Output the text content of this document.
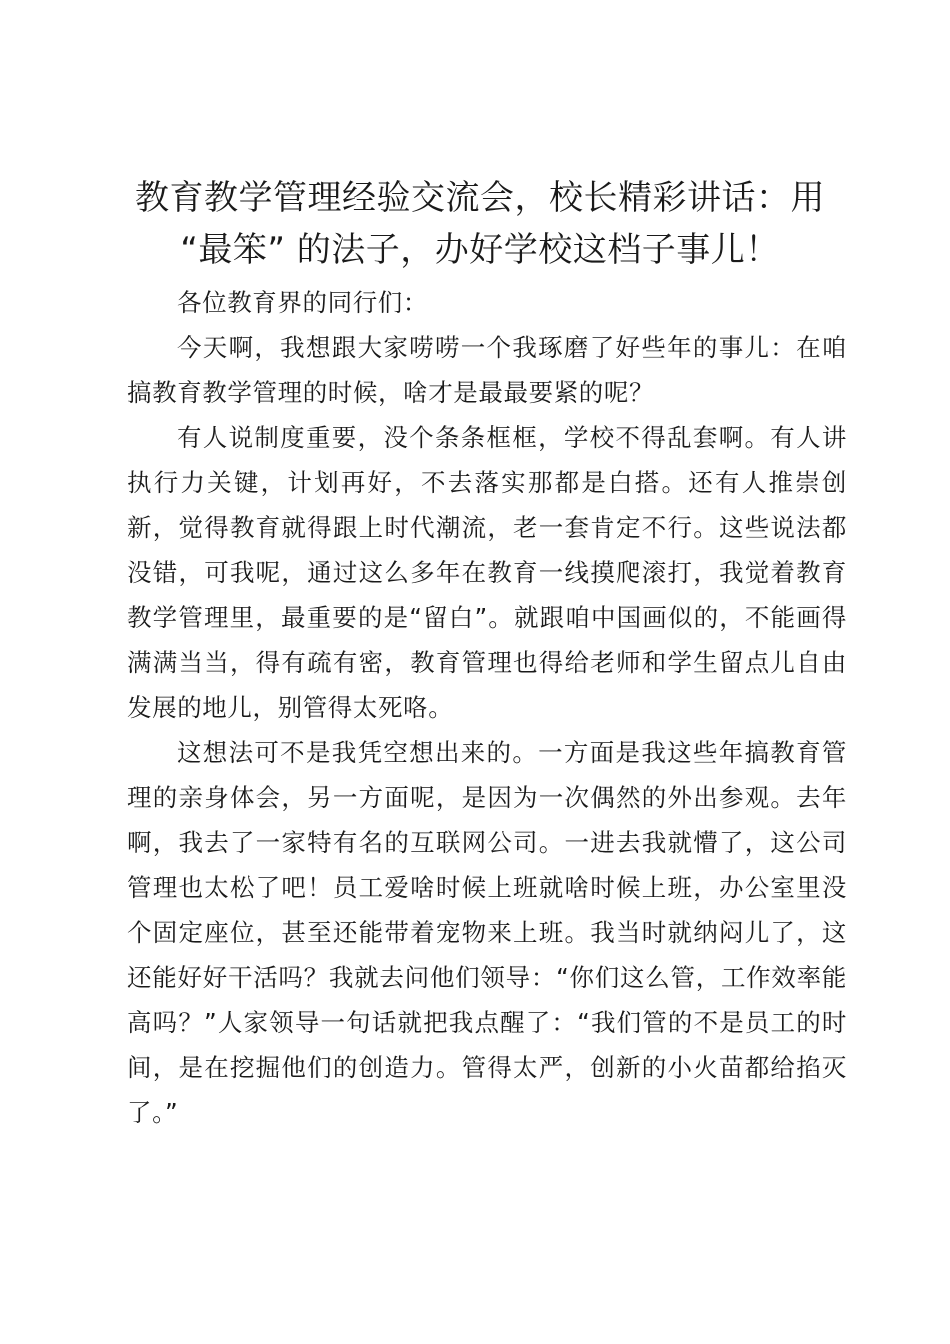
教育教学管理经验交流会，校长精彩讲话：用
“最笨” 的法子，办好学校这档子事儿！

各位教育界的同行们：

今天啊，我想跟大家唠唠一个我琢磨了好些年的事儿：在咱搞教育教学管理的时候，啥才是最最要紧的呢？

有人说制度重要，没个条条框框，学校不得乱套啊。有人讲执行力关键，计划再好，不去落实那都是白搭。还有人推崇创新，觉得教育就得跟上时代潮流，老一套肯定不行。这些说法都没错，可我呢，通过这么多年在教育一线摸爬滚打，我觉着教育教学管理里，最重要的是“留白”。就跟咱中国画似的，不能画得满满当当，得有疏有密，教育管理也得给老师和学生留点儿自由发展的地儿，别管得太死咯。

这想法可不是我凭空想出来的。一方面是我这些年搞教育管理的亲身体会，另一方面呢，是因为一次偶然的外出参观。去年啊，我去了一家特有名的互联网公司。一进去我就懵了，这公司管理也太松了吧！员工爱啥时候上班就啥时候上班，办公室里没个固定座位，甚至还能带着宠物来上班。我当时就纳闷儿了，这还能好好干活吗？我就去问他们领导：“你们这么管，工作效率能高吗？”人家领导一句话就把我点醒了：“我们管的不是员工的时间，是在挖掘他们的创造力。管得太严，创新的小火苗都给掐灭了。”
